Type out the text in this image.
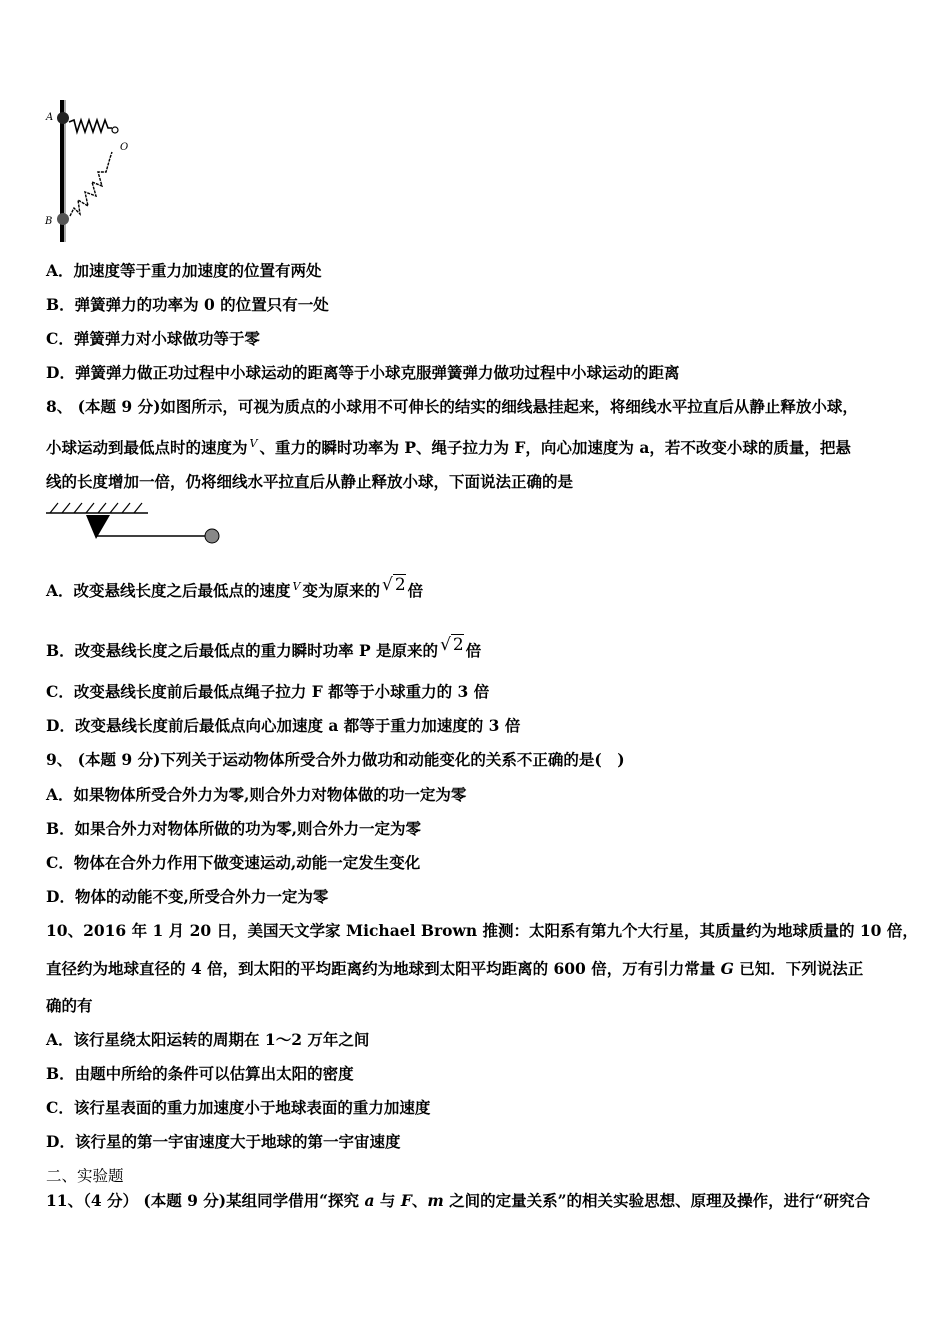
A
B
O
A．加速度等于重力加速度的位置有两处
B．弹簧弹力的功率为 0 的位置只有一处
C．弹簧弹力对小球做功等于零
D．弹簧弹力做正功过程中小球运动的距离等于小球克服弹簧弹力做功过程中小球运动的距离
8、 (本题 9 分)如图所示，可视为质点的小球用不可伸长的结实的细线悬挂起来，将细线水平拉直后从静止释放小球，
小球运动到最低点时的速度为 $^V$ 、重力的瞬时功率为 P、绳子拉力为 F，向心加速度为 a，若不改变小球的质量，把悬
线的长度增加一倍，仍将细线水平拉直后从静止释放小球，下面说法正确的是
A．改变悬线长度之后最低点的速度 $^V$ 变为原来的 √ 2 倍
B．改变悬线长度之后最低点的重力瞬时功率 P 是原来的 √ 2 倍
C．改变悬线长度前后最低点绳子拉力 F 都等于小球重力的 3 倍
D．改变悬线长度前后最低点向心加速度 a 都等于重力加速度的 3 倍
9、 (本题 9 分)下列关于运动物体所受合外力做功和动能变化的关系不正确的是(　)
A．如果物体所受合外力为零,则合外力对物体做的功一定为零
B．如果合外力对物体所做的功为零,则合外力一定为零
C．物体在合外力作用下做变速运动,动能一定发生变化
D．物体的动能不变,所受合外力一定为零
10、2016 年 1 月 20 日，美国天文学家 Michael Brown 推测：太阳系有第九个大行星，其质量约为地球质量的 10 倍，
直径约为地球直径的 4 倍，到太阳的平均距离约为地球到太阳平均距离的 600 倍，万有引力常量 G 已知．下列说法正
确的有
A．该行星绕太阳运转的周期在 1～2 万年之间
B．由题中所给的条件可以估算出太阳的密度
C．该行星表面的重力加速度小于地球表面的重力加速度
D．该行星的第一宇宙速度大于地球的第一宇宙速度
二、实验题
11、（4 分） (本题 9 分)某组同学借用“探究 a 与 F、m 之间的定量关系”的相关实验思想、原理及操作，进行“研究合
